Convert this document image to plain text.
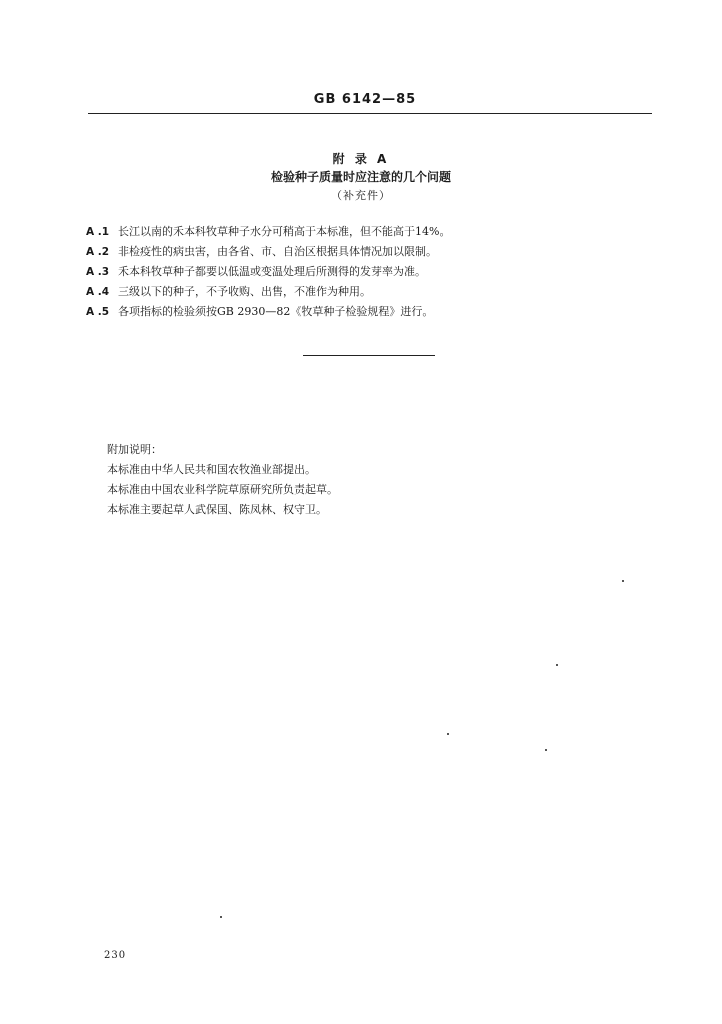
GB 6142—85
附 录 A
检验种子质量时应注意的几个问题
（补充件）
A .1 长江以南的禾本科牧草种子水分可稍高于本标准，但不能高于14%。
A .2 非检疫性的病虫害，由各省、市、自治区根据具体情况加以限制。
A .3 禾本科牧草种子都要以低温或变温处理后所测得的发芽率为准。
A .4 三级以下的种子，不予收购、出售，不准作为种用。
A .5 各项指标的检验须按GB 2930—82《牧草种子检验规程》进行。
附加说明：
本标准由中华人民共和国农牧渔业部提出。
本标准由中国农业科学院草原研究所负责起草。
本标准主要起草人武保国、陈凤林、权守卫。
230
